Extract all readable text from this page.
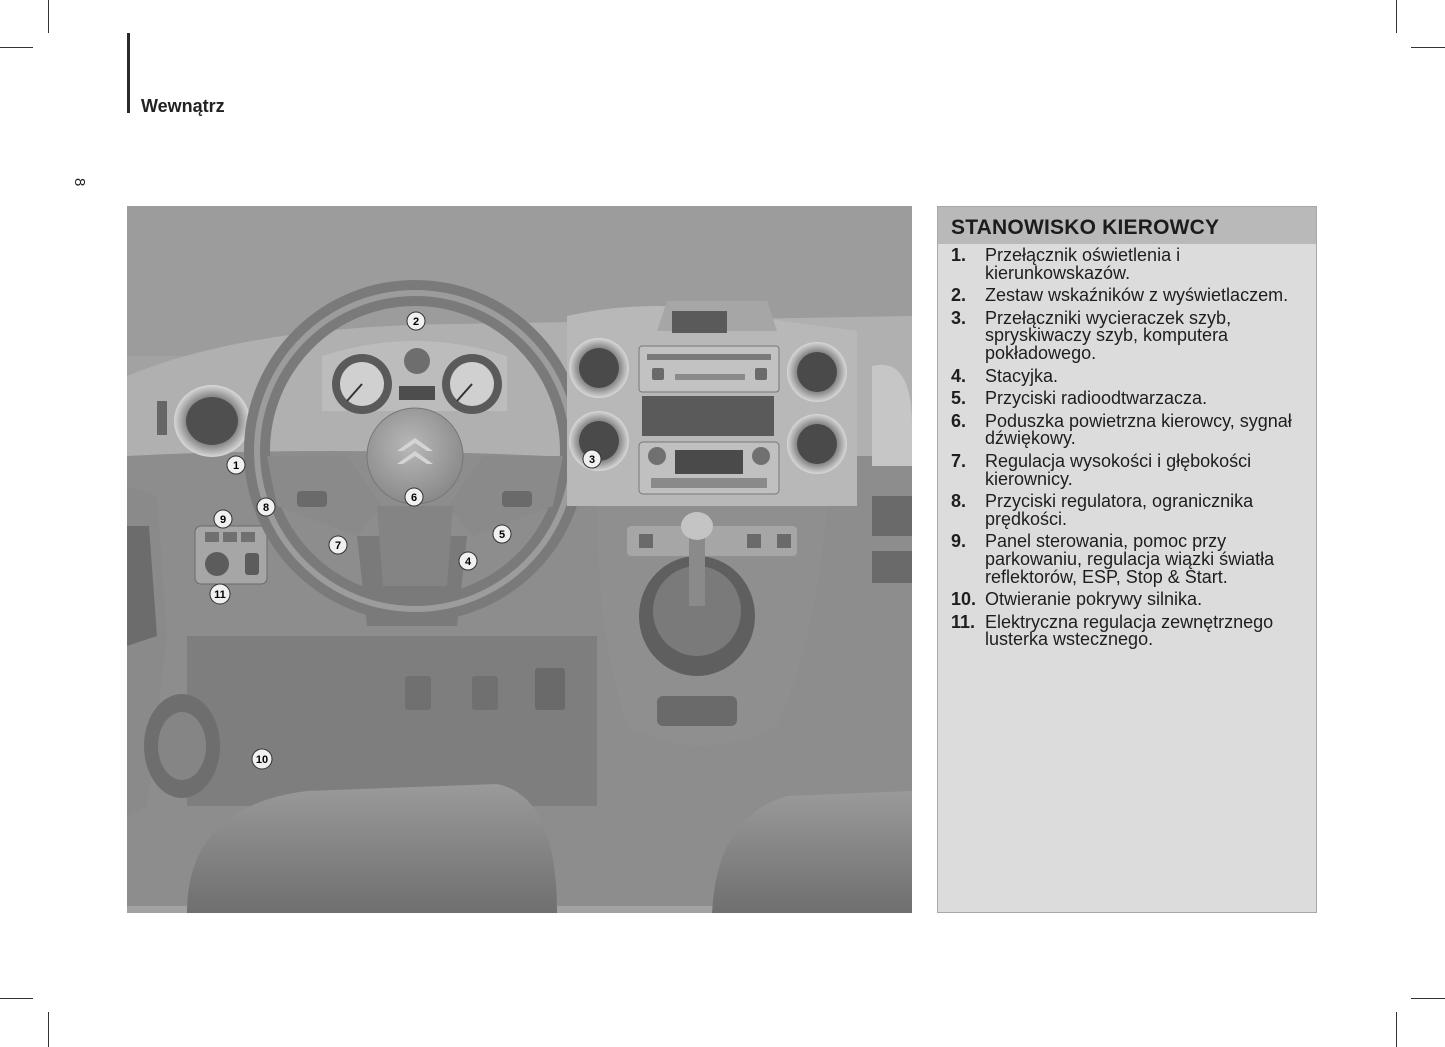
Wewnątrz
8
1
2
3
4
5
6
7
8
9
10
11
STANOWISKO KIEROWCY
1.	Przełącznik oświetlenia i kierunkowskazów.
2.	Zestaw wskaźników z wyświetlaczem.
3.	Przełączniki wycieraczek szyb, spryskiwaczy szyb, komputera pokładowego.
4.	Stacyjka.
5.	Przyciski radioodtwarzacza.
6.	Poduszka powietrzna kierowcy, sygnał dźwiękowy.
7.	Regulacja wysokości i głębokości kierownicy.
8.	Przyciski regulatora, ogranicznika prędkości.
9.	Panel sterowania, pomoc przy parkowaniu, regulacja wiązki światła reflektorów, ESP, Stop & Start.
10. Otwieranie pokrywy silnika.
11. Elektryczna regulacja zewnętrznego lusterka wstecznego.
